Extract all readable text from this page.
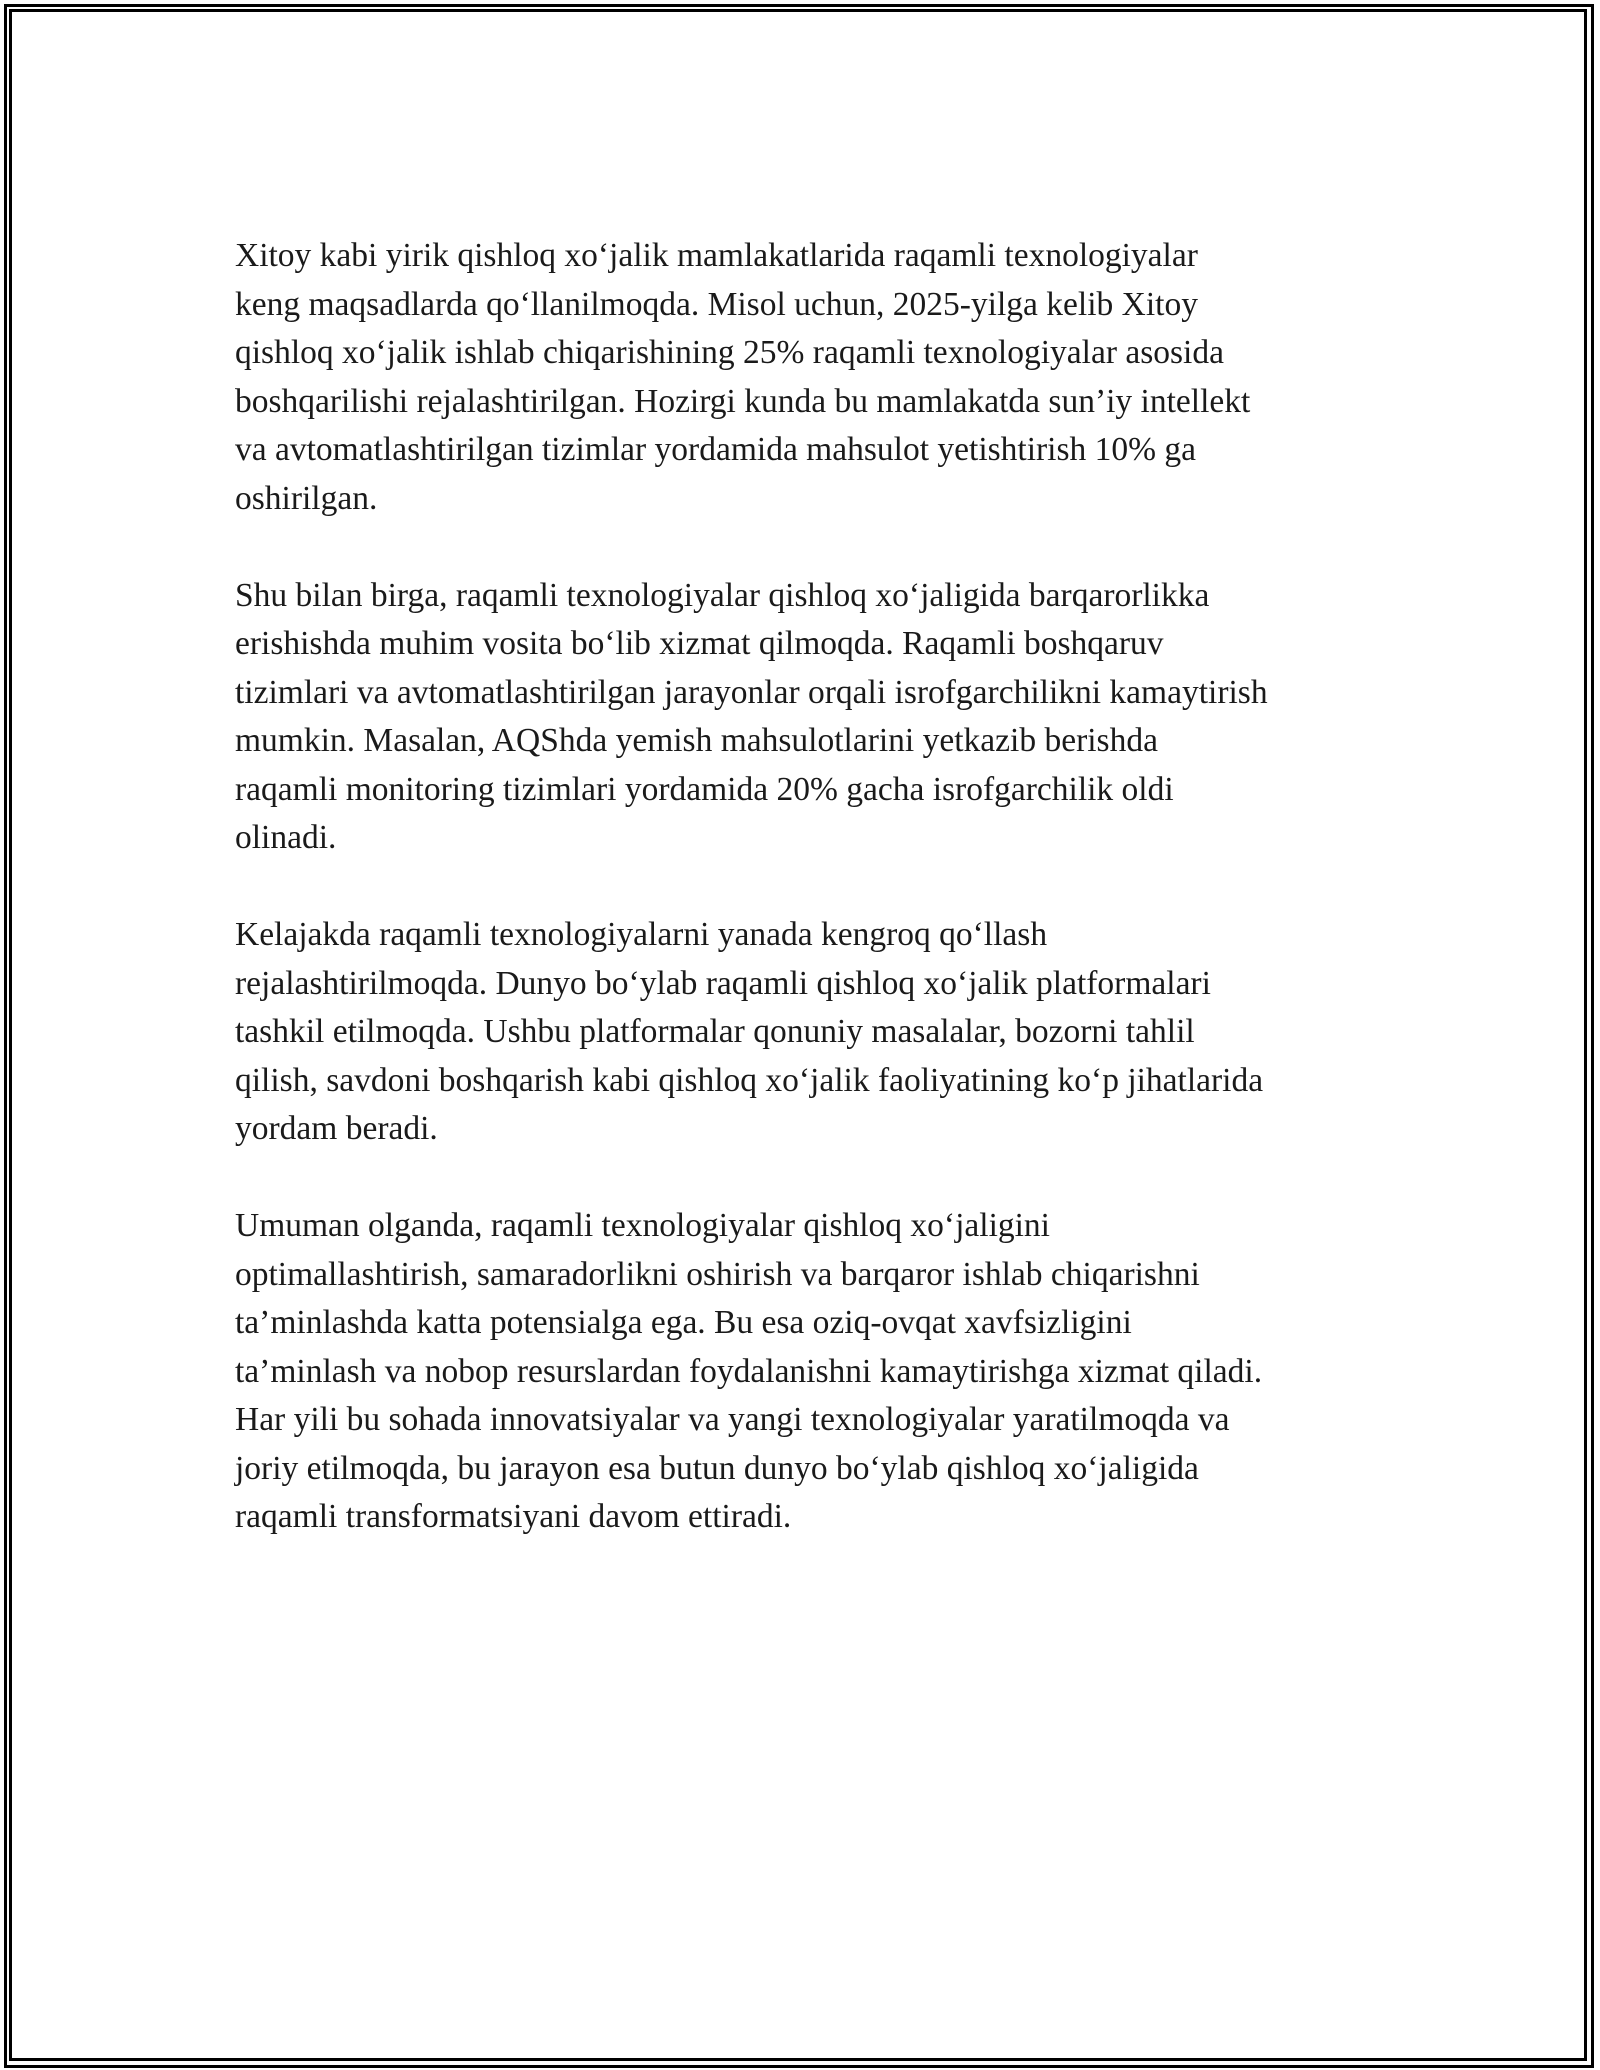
Xitoy kabi yirik qishloq xo‘jalik mamlakatlarida raqamli texnologiyalar
keng maqsadlarda qo‘llanilmoqda. Misol uchun, 2025-yilga kelib Xitoy
qishloq xo‘jalik ishlab chiqarishining 25% raqamli texnologiyalar asosida
boshqarilishi rejalashtirilgan. Hozirgi kunda bu mamlakatda sun’iy intellekt
va avtomatlashtirilgan tizimlar yordamida mahsulot yetishtirish 10% ga
oshirilgan.

Shu bilan birga, raqamli texnologiyalar qishloq xo‘jaligida barqarorlikka
erishishda muhim vosita bo‘lib xizmat qilmoqda. Raqamli boshqaruv
tizimlari va avtomatlashtirilgan jarayonlar orqali isrofgarchilikni kamaytirish
mumkin. Masalan, AQShda yemish mahsulotlarini yetkazib berishda
raqamli monitoring tizimlari yordamida 20% gacha isrofgarchilik oldi
olinadi.

Kelajakda raqamli texnologiyalarni yanada kengroq qo‘llash
rejalashtirilmoqda. Dunyo bo‘ylab raqamli qishloq xo‘jalik platformalari
tashkil etilmoqda. Ushbu platformalar qonuniy masalalar, bozorni tahlil
qilish, savdoni boshqarish kabi qishloq xo‘jalik faoliyatining ko‘p jihatlarida
yordam beradi.

Umuman olganda, raqamli texnologiyalar qishloq xo‘jaligini
optimallashtirish, samaradorlikni oshirish va barqaror ishlab chiqarishni
ta’minlashda katta potensialga ega. Bu esa oziq-ovqat xavfsizligini
ta’minlash va nobop resurslardan foydalanishni kamaytirishga xizmat qiladi.
Har yili bu sohada innovatsiyalar va yangi texnologiyalar yaratilmoqda va
joriy etilmoqda, bu jarayon esa butun dunyo bo‘ylab qishloq xo‘jaligida
raqamli transformatsiyani davom ettiradi.
